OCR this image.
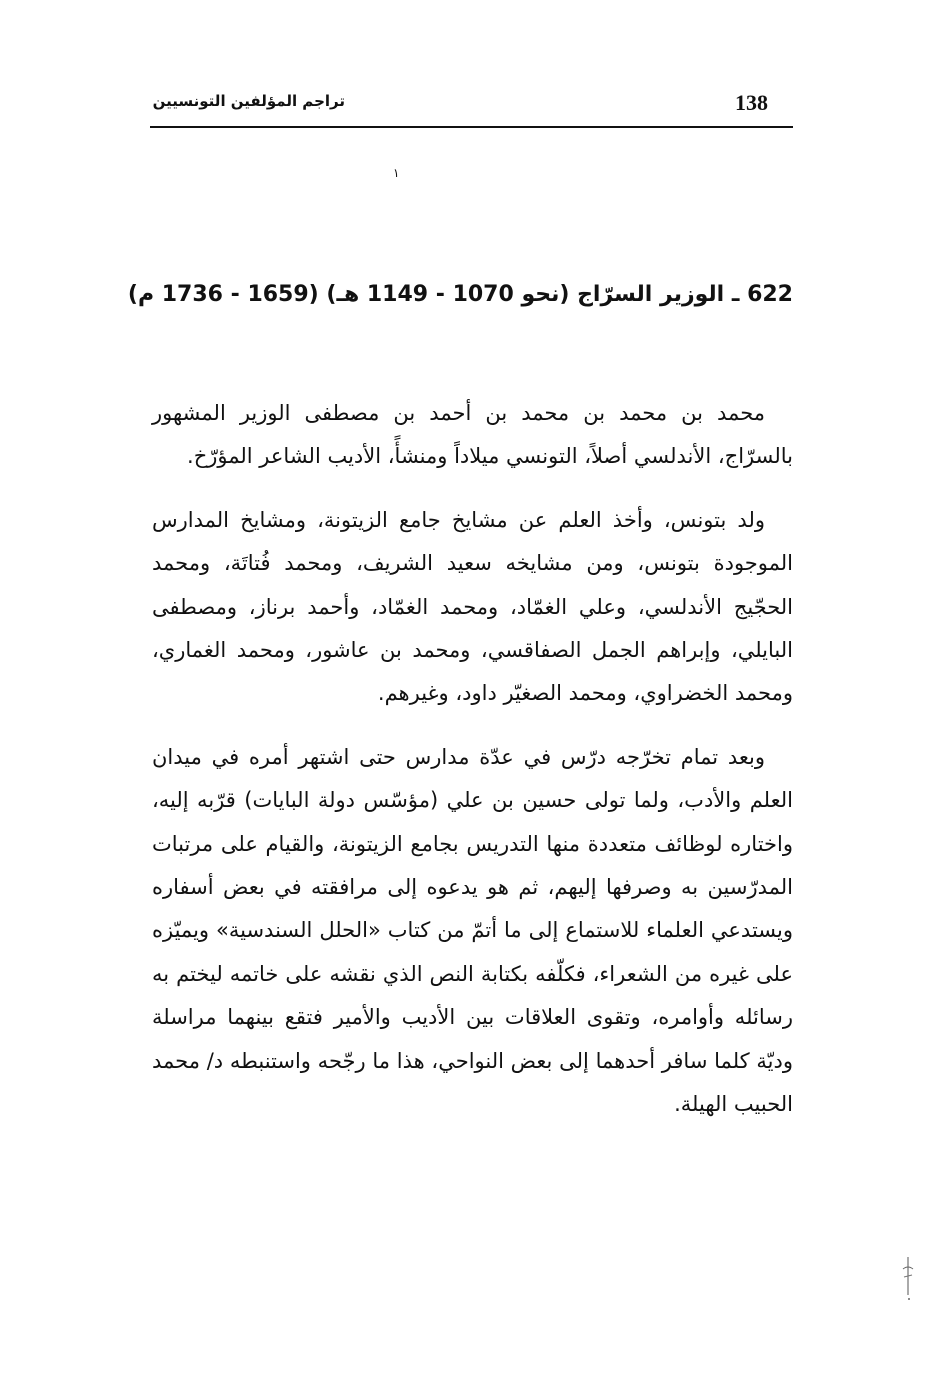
138
تراجم المؤلفين التونسيين
١
622 ـ الوزير السرّاج (نحو 1070 - 1149 هـ) (1659 - 1736 م)

محمد بن محمد بن محمد بن أحمد بن مصطفى الوزير المشهور بالسرّاج، الأندلسي أصلاً، التونسي ميلاداً ومنشأً، الأديب الشاعر المؤرّخ.

ولد بتونس، وأخذ العلم عن مشايخ جامع الزيتونة، ومشايخ المدارس الموجودة بتونس، ومن مشايخه سعيد الشريف، ومحمد فُتاتَة، ومحمد الحجّيج الأندلسي، وعلي الغمّاد، ومحمد الغمّاد، وأحمد برناز، ومصطفى البايلي، وإبراهم الجمل الصفاقسي، ومحمد بن عاشور، ومحمد الغماري، ومحمد الخضراوي، ومحمد الصغيّر داود، وغيرهم.

وبعد تمام تخرّجه درّس في عدّة مدارس حتى اشتهر أمره في ميدان العلم والأدب، ولما تولى حسين بن علي (مؤسّس دولة البايات) قرّبه إليه، واختاره لوظائف متعددة منها التدريس بجامع الزيتونة، والقيام على مرتبات المدرّسين به وصرفها إليهم، ثم هو يدعوه إلى مرافقته في بعض أسفاره ويستدعي العلماء للاستماع إلى ما أتمّ من كتاب «الحلل السندسية» ويميّزه على غيره من الشعراء، فكلّفه بكتابة النص الذي نقشه على خاتمه ليختم به رسائله وأوامره، وتقوى العلاقات بين الأديب والأمير فتقع بينهما مراسلة وديّة كلما سافر أحدهما إلى بعض النواحي، هذا ما رجّحه واستنبطه د/ محمد الحبيب الهيلة.
